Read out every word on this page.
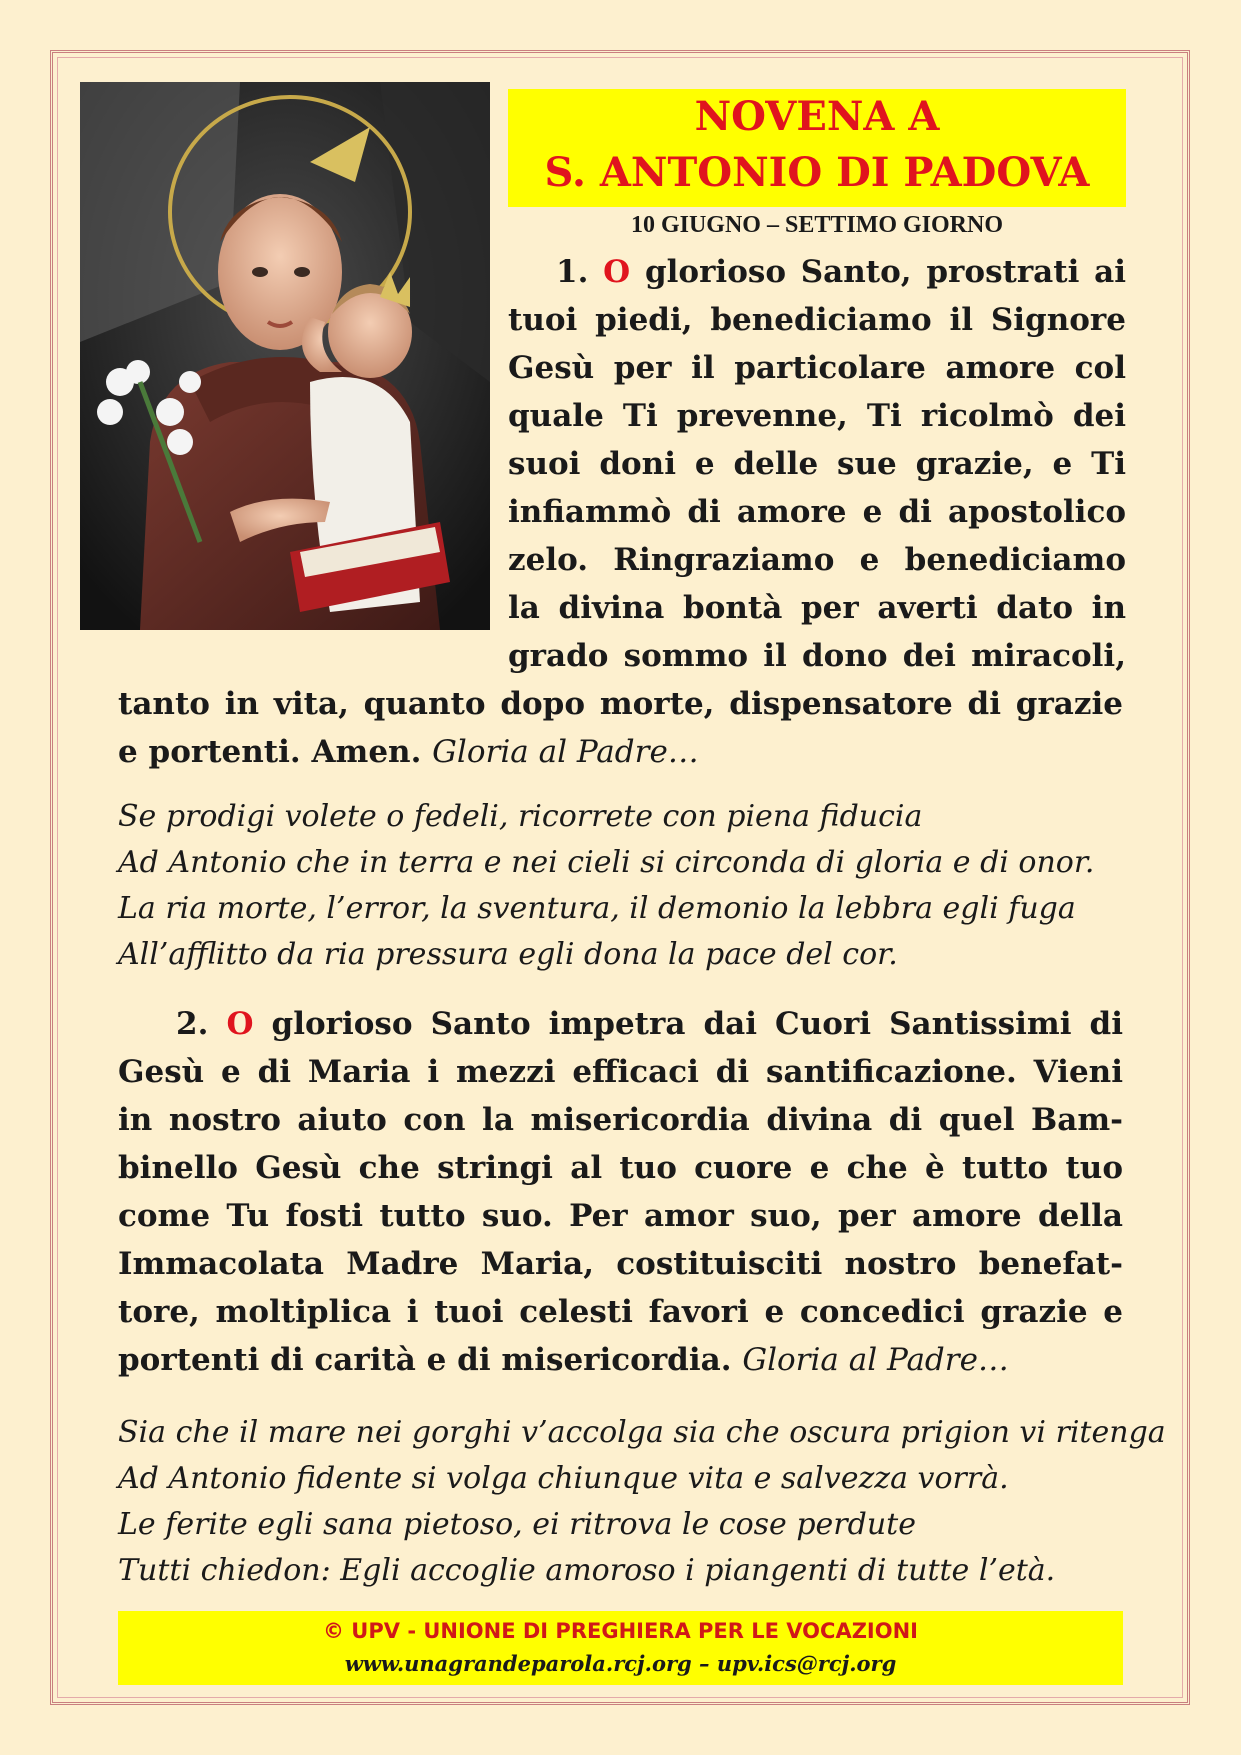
NOVENA A
S. ANTONIO DI PADOVA
10 GIUGNO – SETTIMO GIORNO
1. O glorioso Santo, prostrati ai
tuoi piedi, benediciamo il Signore
Gesù per il particolare amore col
quale Ti prevenne, Ti ricolmò dei
suoi doni e delle sue grazie, e Ti
infiammò di amore e di apostolico
zelo. Ringraziamo e benediciamo
la divina bontà per averti dato in
grado sommo il dono dei miracoli,
tanto in vita, quanto dopo morte, dispensatore di grazie
e portenti. Amen. Gloria al Padre…
Se prodigi volete o fedeli, ricorrete con piena fiducia
Ad Antonio che in terra e nei cieli si circonda di gloria e di onor.
La ria morte, l’error, la sventura, il demonio la lebbra egli fuga
All’afflitto da ria pressura egli dona la pace del cor.
2. O glorioso Santo impetra dai Cuori Santissimi di
Gesù e di Maria i mezzi efficaci di santificazione. Vieni
in nostro aiuto con la misericordia divina di quel Bam-
binello Gesù che stringi al tuo cuore e che è tutto tuo
come Tu fosti tutto suo. Per amor suo, per amore della
Immacolata Madre Maria, costituisciti nostro benefat-
tore, moltiplica i tuoi celesti favori e concedici grazie e
portenti di carità e di misericordia. Gloria al Padre…
Sia che il mare nei gorghi v’accolga sia che oscura prigion vi ritenga
Ad Antonio fidente si volga chiunque vita e salvezza vorrà.
Le ferite egli sana pietoso, ei ritrova le cose perdute
Tutti chiedon: Egli accoglie amoroso i piangenti di tutte l’età.
© UPV - UNIONE DI PREGHIERA PER LE VOCAZIONI
www.unagrandeparola.rcj.org – upv.ics@rcj.org
